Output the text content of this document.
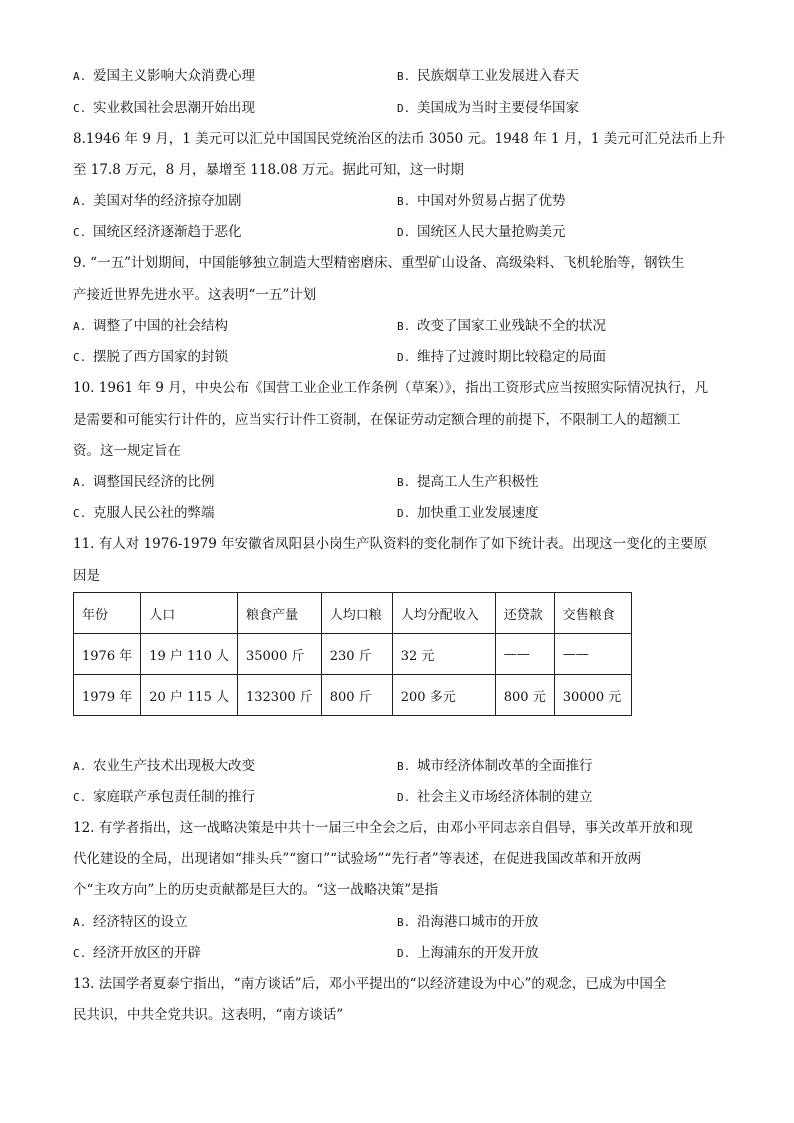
A. 爱国主义影响大众消费心理	B. 民族烟草工业发展进入春天
C. 实业救国社会思潮开始出现	D. 美国成为当时主要侵华国家
8.1946 年 9 月，1 美元可以汇兑中国国民党统治区的法币 3050 元。1948 年 1 月，1 美元可汇兑法币上升
至 17.8 万元，8 月，暴增至 118.08 万元。据此可知，这一时期
A. 美国对华的经济掠夺加剧	B. 中国对外贸易占据了优势
C. 国统区经济逐渐趋于恶化	D. 国统区人民大量抢购美元
9. “一五”计划期间，中国能够独立制造大型精密磨床、重型矿山设备、高级染料、飞机轮胎等，钢铁生
产接近世界先进水平。这表明“一五”计划
A. 调整了中国的社会结构	B. 改变了国家工业残缺不全的状况
C. 摆脱了西方国家的封锁	D. 维持了过渡时期比较稳定的局面
10. 1961 年 9 月，中央公布《国营工业企业工作条例（草案）》，指出工资形式应当按照实际情况执行，凡
是需要和可能实行计件的，应当实行计件工资制，在保证劳动定额合理的前提下，不限制工人的超额工
资。这一规定旨在
A. 调整国民经济的比例	B. 提高工人生产积极性
C. 克服人民公社的弊端	D. 加快重工业发展速度
11. 有人对 1976-1979 年安徽省凤阳县小岗生产队资料的变化制作了如下统计表。出现这一变化的主要原
因是
年份	人口	粮食产量	人均口粮	人均分配收入	还贷款	交售粮食
1976 年	19 户 110 人	35000 斤	230 斤	32 元	——	——
1979 年	20 户 115 人	132300 斤	800 斤	200 多元	800 元	30000 元
A. 农业生产技术出现极大改变	B. 城市经济体制改革的全面推行
C. 家庭联产承包责任制的推行	D. 社会主义市场经济体制的建立
12. 有学者指出，这一战略决策是中共十一届三中全会之后，由邓小平同志亲自倡导，事关改革开放和现
代化建设的全局，出现诸如“排头兵”“窗口”“试验场”“先行者”等表述，在促进我国改革和开放两
个“主攻方向”上的历史贡献都是巨大的。“这一战略决策”是指
A. 经济特区的设立	B. 沿海港口城市的开放
C. 经济开放区的开辟	D. 上海浦东的开发开放
13. 法国学者夏泰宁指出，“南方谈话”后，邓小平提出的“以经济建设为中心”的观念，已成为中国全
民共识，中共全党共识。这表明，“南方谈话”
